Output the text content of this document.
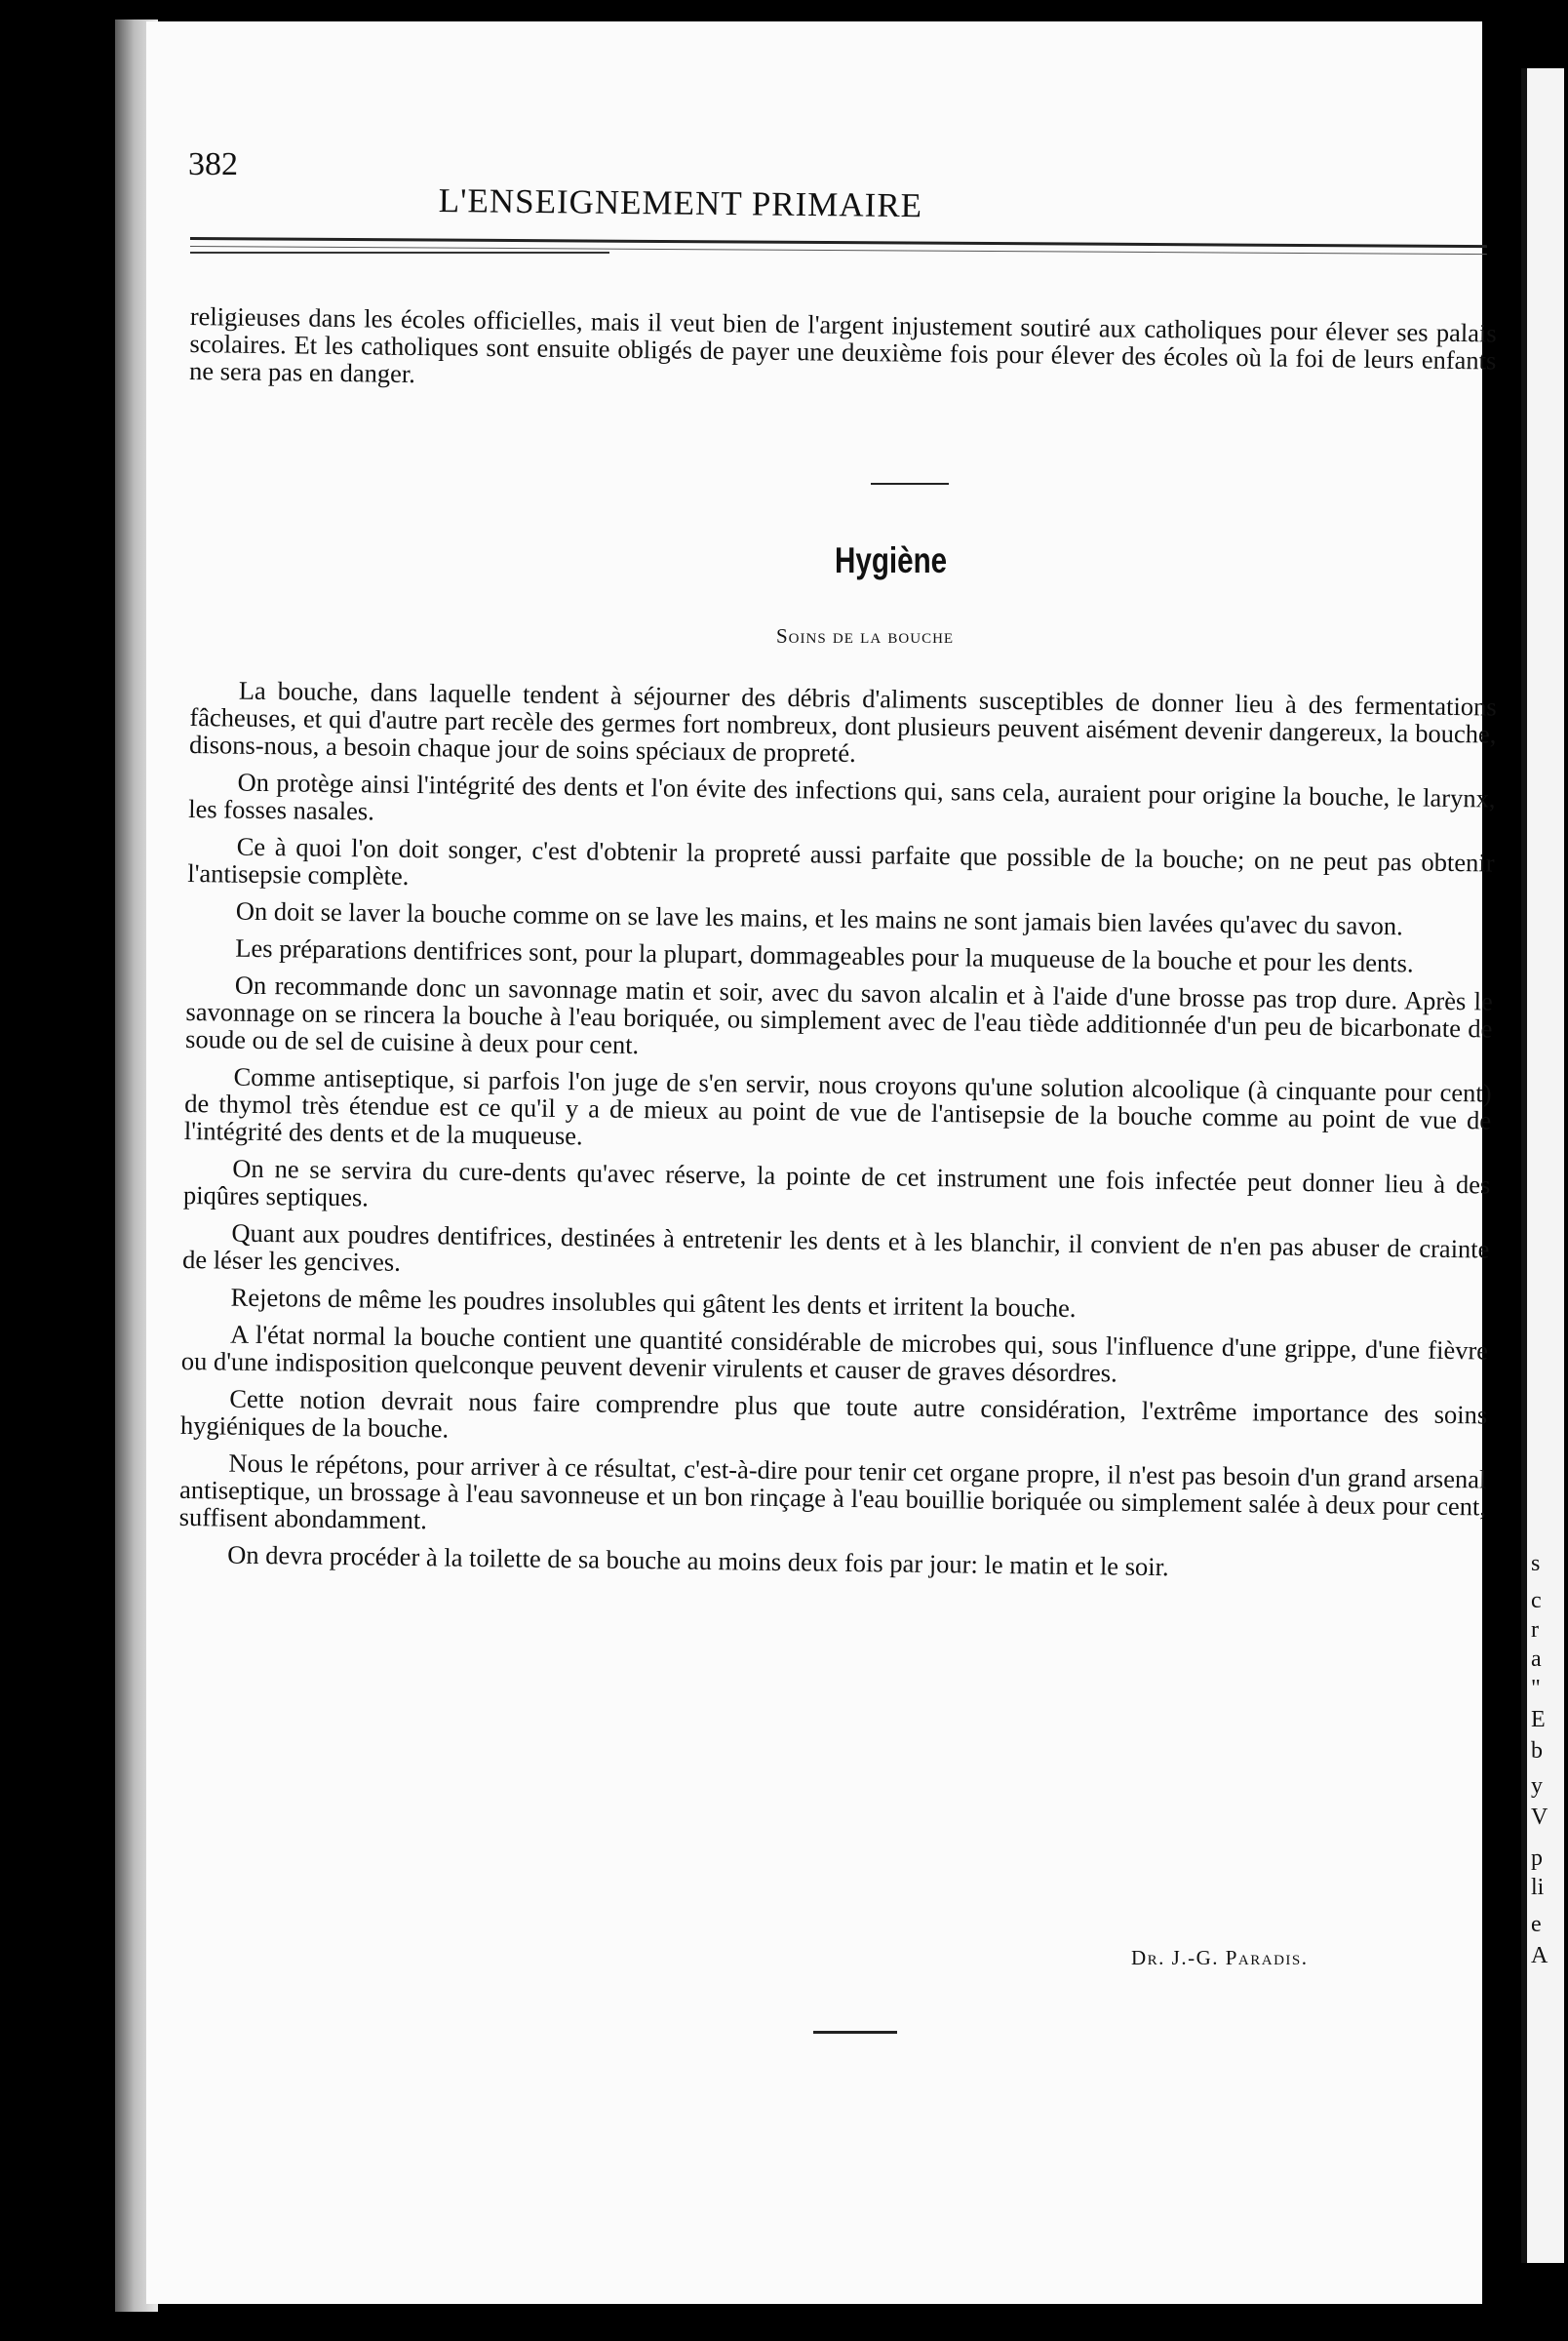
s
c
r
a
"
E
b
y
V
p
li
e
A
382
L'ENSEIGNEMENT PRIMAIRE

religieuses dans les écoles officielles, mais il veut bien de l'argent injustement soutiré aux catholiques pour élever ses palais scolaires. Et les catholiques sont ensuite obligés de payer une deuxième fois pour élever des écoles où la foi de leurs enfants ne sera pas en danger.

Hygiène
Soins de la bouche

La bouche, dans laquelle tendent à séjourner des débris d'aliments susceptibles de donner lieu à des fermentations fâcheuses, et qui d'autre part recèle des germes fort nombreux, dont plusieurs peuvent aisément devenir dangereux, la bouche, disons-nous, a besoin chaque jour de soins spéciaux de propreté.

On protège ainsi l'intégrité des dents et l'on évite des infections qui, sans cela, auraient pour origine la bouche, le larynx, les fosses nasales.

Ce à quoi l'on doit songer, c'est d'obtenir la propreté aussi parfaite que possible de la bouche; on ne peut pas obtenir l'antisepsie complète.

On doit se laver la bouche comme on se lave les mains, et les mains ne sont jamais bien lavées qu'avec du savon.

Les préparations dentifrices sont, pour la plupart, dommageables pour la muqueuse de la bouche et pour les dents.

On recommande donc un savonnage matin et soir, avec du savon alcalin et à l'aide d'une brosse pas trop dure. Après le savonnage on se rincera la bouche à l'eau boriquée, ou simplement avec de l'eau tiède additionnée d'un peu de bicarbonate de soude ou de sel de cuisine à deux pour cent.

Comme antiseptique, si parfois l'on juge de s'en servir, nous croyons qu'une solution alcoolique (à cinquante pour cent) de thymol très étendue est ce qu'il y a de mieux au point de vue de l'antisepsie de la bouche comme au point de vue de l'intégrité des dents et de la muqueuse.

On ne se servira du cure-dents qu'avec réserve, la pointe de cet instrument une fois infectée peut donner lieu à des piqûres septiques.

Quant aux poudres dentifrices, destinées à entretenir les dents et à les blanchir, il convient de n'en pas abuser de crainte de léser les gencives.

Rejetons de même les poudres insolubles qui gâtent les dents et irritent la bouche.

A l'état normal la bouche contient une quantité considérable de microbes qui, sous l'influence d'une grippe, d'une fièvre ou d'une indisposition quelconque peuvent devenir virulents et causer de graves désordres.

Cette notion devrait nous faire comprendre plus que toute autre considération, l'extrême importance des soins hygiéniques de la bouche.

Nous le répétons, pour arriver à ce résultat, c'est-à-dire pour tenir cet organe propre, il n'est pas besoin d'un grand arsenal antiseptique, un brossage à l'eau savonneuse et un bon rinçage à l'eau bouillie boriquée ou simplement salée à deux pour cent, suffisent abondamment.

On devra procéder à la toilette de sa bouche au moins deux fois par jour: le matin et le soir.

Dr. J.-G. Paradis.
